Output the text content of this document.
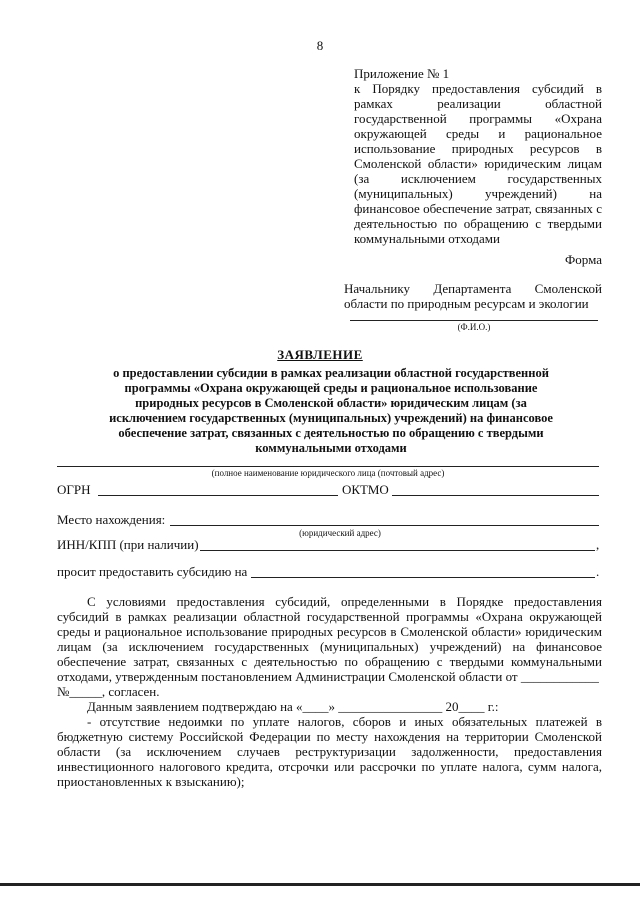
8

Приложение № 1

к Порядку предоставления субсидий в рамках реализации областной государственной программы «Охрана окружающей среды и рациональное использование природных ресурсов в Смоленской области» юридическим лицам (за исключением государственных (муниципальных) учреждений) на финансовое обеспечение затрат, связанных с деятельностью по обращению с твердыми коммунальными отходами

Форма
Начальнику Департамента Смоленской области по природным ресурсам и экологии
(Ф.И.О.)
ЗАЯВЛЕНИЕ
о предоставлении субсидии в рамках реализации областной государственной программы «Охрана окружающей среды и рациональное использование природных ресурсов в Смоленской области» юридическим лицам (за исключением государственных (муниципальных) учреждений) на финансовое обеспечение затрат, связанных с деятельностью по обращению с твердыми коммунальными отходами
(полное наименование юридического лица (почтовый адрес)
ОГРН	ОКТМО
Место нахождения:
(юридический адрес)
ИНН/КПП (при наличии)	,
просит предоставить субсидию на	.

С условиями предоставления субсидий, определенными в Порядке предоставления субсидий в рамках реализации областной государственной программы «Охрана окружающей среды и рациональное использование природных ресурсов в Смоленской области» юридическим лицам (за исключением государственных (муниципальных) учреждений) на финансовое обеспечение затрат, связанных с деятельностью по обращению с твердыми коммунальными отходами, утвержденным постановлением Администрации Смоленской области от ____________

№_____, согласен.

Данным заявлением подтверждаю на «____» ________________ 20____ г.:

- отсутствие недоимки по уплате налогов, сборов и иных обязательных платежей в бюджетную систему Российской Федерации по месту нахождения на территории Смоленской области (за исключением случаев реструктуризации задолженности, предоставления инвестиционного налогового кредита, отсрочки или рассрочки по уплате налога, сумм налога, приостановленных к взысканию);
